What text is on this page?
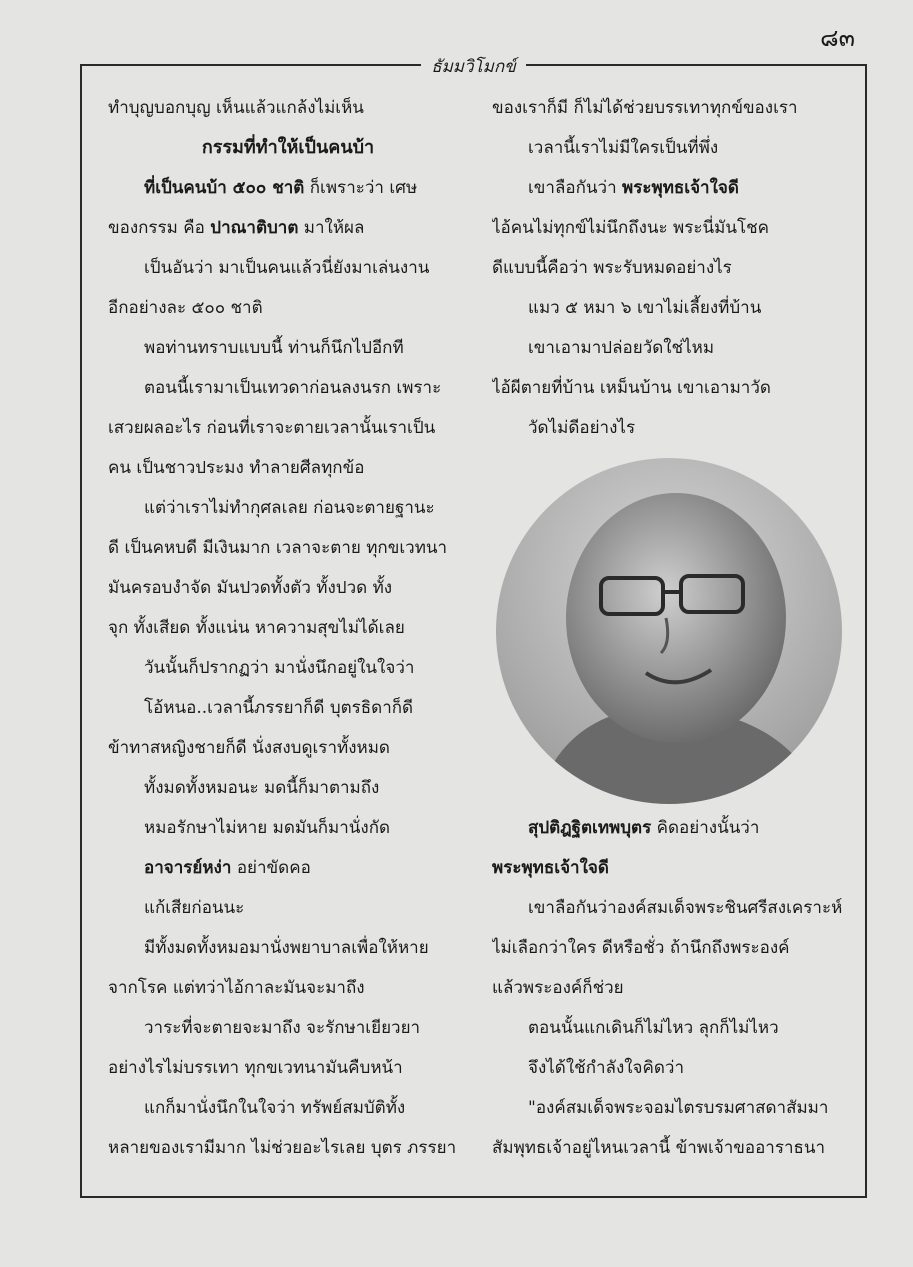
๘๓
ธัมมวิโมกข์
ทำบุญบอกบุญ เห็นแล้วแกล้งไม่เห็น
กรรมที่ทำให้เป็นคนบ้า
ที่เป็นคนบ้า ๕๐๐ ชาติ ก็เพราะว่า เศษ
ของกรรม คือ ปาณาติบาต มาให้ผล
เป็นอันว่า มาเป็นคนแล้วนี่ยังมาเล่นงาน
อีกอย่างละ ๕๐๐ ชาติ
พอท่านทราบแบบนี้ ท่านก็นึกไปอีกที
ตอนนี้เรามาเป็นเทวดาก่อนลงนรก เพราะ
เสวยผลอะไร ก่อนที่เราจะตายเวลานั้นเราเป็น
คน เป็นชาวประมง ทำลายศีลทุกข้อ
แต่ว่าเราไม่ทำกุศลเลย ก่อนจะตายฐานะ
ดี เป็นคหบดี มีเงินมาก เวลาจะตาย ทุกขเวทนา
มันครอบงำจัด มันปวดทั้งตัว ทั้งปวด ทั้ง
จุก ทั้งเสียด ทั้งแน่น หาความสุขไม่ได้เลย
วันนั้นก็ปรากฏว่า มานั่งนึกอยู่ในใจว่า
โอ้หนอ..เวลานี้ภรรยาก็ดี บุตรธิดาก็ดี
ข้าทาสหญิงชายก็ดี นั่งสงบดูเราทั้งหมด
ทั้งมดทั้งหมอนะ มดนี้ก็มาตามถึง
หมอรักษาไม่หาย มดมันก็มานั่งกัด
อาจารย์หง่า อย่าขัดคอ
แก้เสียก่อนนะ
มีทั้งมดทั้งหมอมานั่งพยาบาลเพื่อให้หาย
จากโรค แต่ทว่าไอ้กาละมันจะมาถึง
วาระที่จะตายจะมาถึง จะรักษาเยียวยา
อย่างไรไม่บรรเทา ทุกขเวทนามันคืบหน้า
แกก็มานั่งนึกในใจว่า ทรัพย์สมบัติทั้ง
หลายของเรามีมาก ไม่ช่วยอะไรเลย บุตร ภรรยา
ของเราก็มี ก็ไม่ได้ช่วยบรรเทาทุกข์ของเรา
เวลานี้เราไม่มีใครเป็นที่พึ่ง
เขาลือกันว่า พระพุทธเจ้าใจดี
ไอ้คนไม่ทุกข์ไม่นึกถึงนะ พระนี่มันโชค
ดีแบบนี้คือว่า พระรับหมดอย่างไร
แมว ๕ หมา ๖ เขาไม่เลี้ยงที่บ้าน
เขาเอามาปล่อยวัดใช่ไหม
ไอ้ผีตายที่บ้าน เหม็นบ้าน เขาเอามาวัด
วัดไม่ดีอย่างไร
สุปติฎฐิตเทพบุตร คิดอย่างนั้นว่า
พระพุทธเจ้าใจดี
เขาลือกันว่าองค์สมเด็จพระชินศรีสงเคราะห์
ไม่เลือกว่าใคร ดีหรือชั่ว ถ้านึกถึงพระองค์
แล้วพระองค์ก็ช่วย
ตอนนั้นแกเดินก็ไม่ไหว ลุกก็ไม่ไหว
จึงได้ใช้กำลังใจคิดว่า
"องค์สมเด็จพระจอมไตรบรมศาสดาสัมมา
สัมพุทธเจ้าอยู่ไหนเวลานี้ ข้าพเจ้าขออาราธนา
